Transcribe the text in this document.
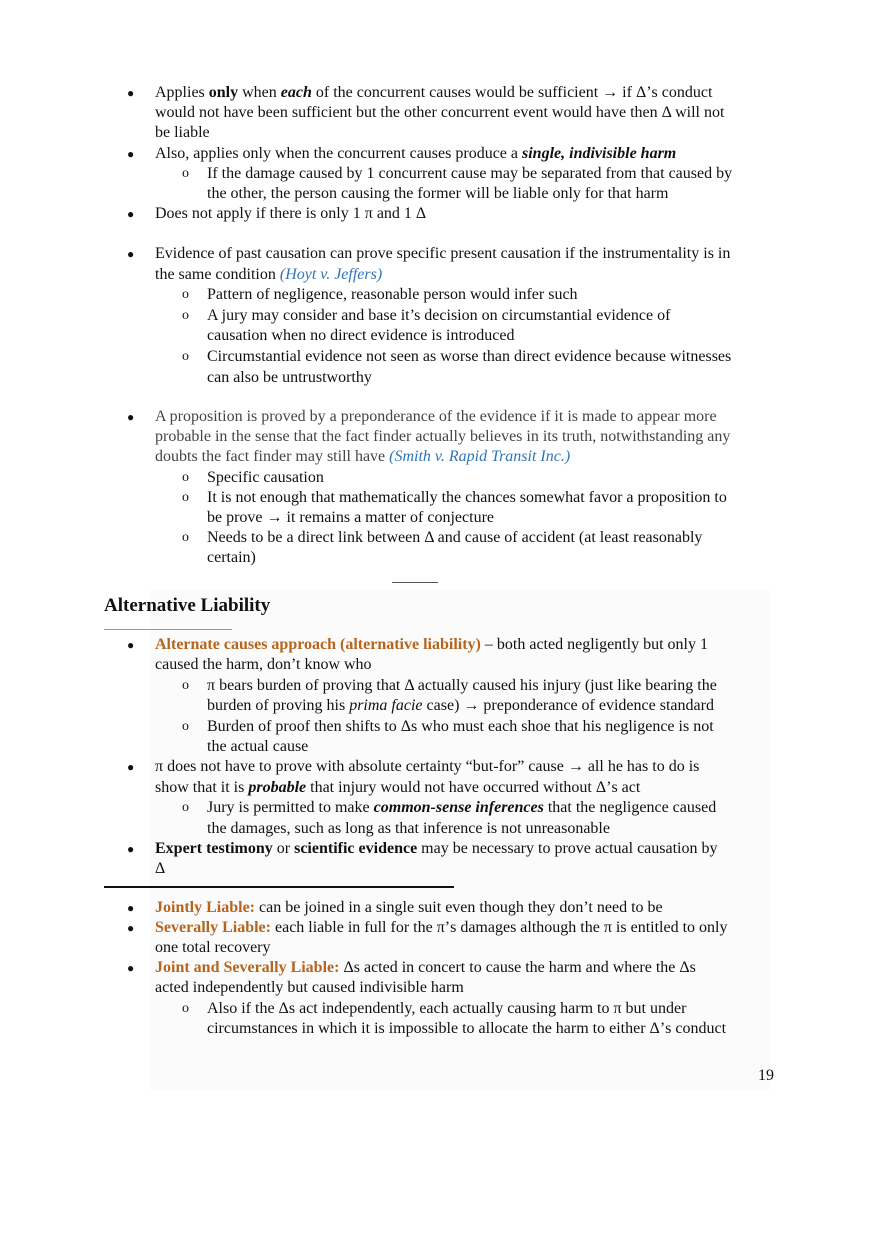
● Applies only when each of the concurrent causes would be sufficient → if Δ’s conduct
would not have been sufficient but the other concurrent event would have then Δ will not
be liable
● Also, applies only when the concurrent causes produce a single, indivisible harm
o If the damage caused by 1 concurrent cause may be separated from that caused by
the other, the person causing the former will be liable only for that harm
● Does not apply if there is only 1 π and 1 Δ
● Evidence of past causation can prove specific present causation if the instrumentality is in
the same condition (Hoyt v. Jeffers)
o Pattern of negligence, reasonable person would infer such
o A jury may consider and base it’s decision on circumstantial evidence of
causation when no direct evidence is introduced
o Circumstantial evidence not seen as worse than direct evidence because witnesses
can also be untrustworthy
● A proposition is proved by a preponderance of the evidence if it is made to appear more
probable in the sense that the fact finder actually believes in its truth, notwithstanding any
doubts the fact finder may still have (Smith v. Rapid Transit Inc.)
o Specific causation
o It is not enough that mathematically the chances somewhat favor a proposition to
be prove → it remains a matter of conjecture
o Needs to be a direct link between Δ and cause of accident (at least reasonably
certain)
Alternative Liability
● Alternate causes approach (alternative liability) – both acted negligently but only 1
caused the harm, don’t know who
o π bears burden of proving that Δ actually caused his injury (just like bearing the
burden of proving his prima facie case) → preponderance of evidence standard
o Burden of proof then shifts to Δs who must each shoe that his negligence is not
the actual cause
● π does not have to prove with absolute certainty “but-for” cause → all he has to do is
show that it is probable that injury would not have occurred without Δ’s act
o Jury is permitted to make common-sense inferences that the negligence caused
the damages, such as long as that inference is not unreasonable
● Expert testimony or scientific evidence may be necessary to prove actual causation by
Δ
● Jointly Liable: can be joined in a single suit even though they don’t need to be
● Severally Liable: each liable in full for the π’s damages although the π is entitled to only
one total recovery
● Joint and Severally Liable: Δs acted in concert to cause the harm and where the Δs
acted independently but caused indivisible harm
o Also if the Δs act independently, each actually causing harm to π but under
circumstances in which it is impossible to allocate the harm to either Δ’s conduct
19
